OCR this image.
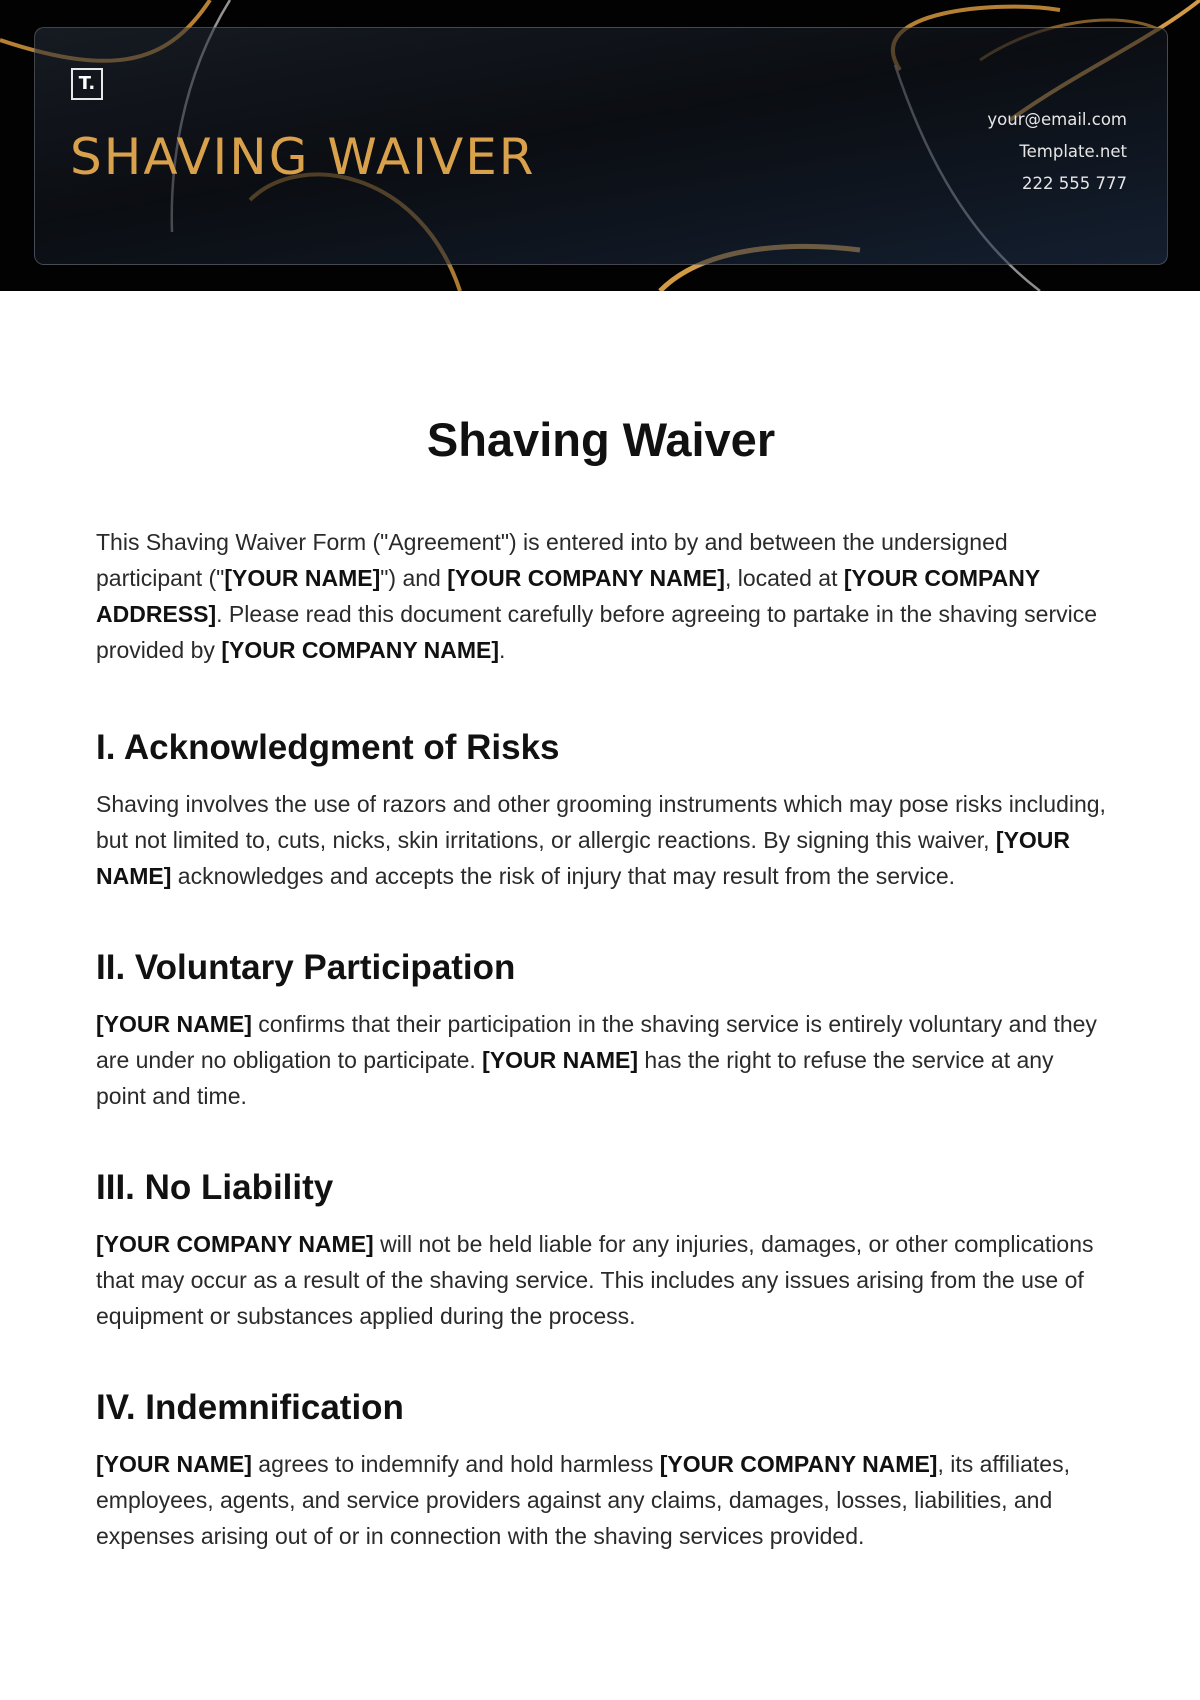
T.
SHAVING WAIVER
your@email.com
Template.net
222 555 777
Shaving Waiver

This Shaving Waiver Form ("Agreement") is entered into by and between the undersigned participant ("[YOUR NAME]") and [YOUR COMPANY NAME], located at [YOUR COMPANY ADDRESS]. Please read this document carefully before agreeing to partake in the shaving service provided by [YOUR COMPANY NAME].

I. Acknowledgment of Risks

Shaving involves the use of razors and other grooming instruments which may pose risks including, but not limited to, cuts, nicks, skin irritations, or allergic reactions. By signing this waiver, [YOUR NAME] acknowledges and accepts the risk of injury that may result from the service.

II. Voluntary Participation

[YOUR NAME] confirms that their participation in the shaving service is entirely voluntary and they are under no obligation to participate. [YOUR NAME] has the right to refuse the service at any point and time.

III. No Liability

[YOUR COMPANY NAME] will not be held liable for any injuries, damages, or other complications that may occur as a result of the shaving service. This includes any issues arising from the use of equipment or substances applied during the process.

IV. Indemnification

[YOUR NAME] agrees to indemnify and hold harmless [YOUR COMPANY NAME], its affiliates, employees, agents, and service providers against any claims, damages, losses, liabilities, and expenses arising out of or in connection with the shaving services provided.
